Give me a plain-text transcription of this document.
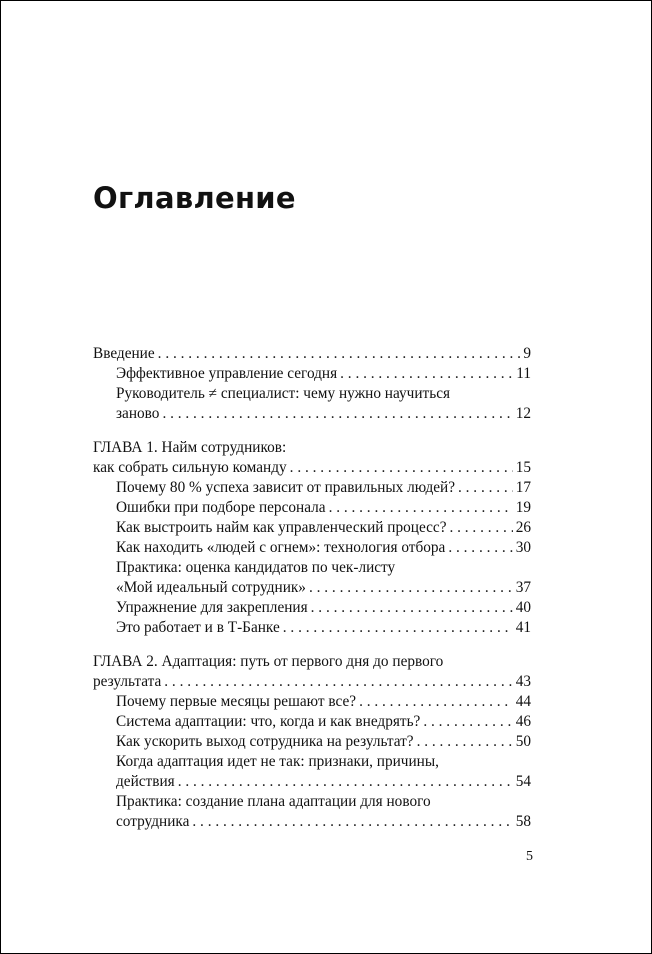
Оглавление
Введение . . .	9
Эффективное управление сегодня . . .	11
Руководитель ≠ специалист: чему нужно научиться
заново . . .	12
ГЛАВА 1. Найм сотрудников:
как собрать сильную команду . . .	15
Почему 80 % успеха зависит от правильных людей? . . .	17
Ошибки при подборе персонала . . .	19
Как выстроить найм как управленческий процесс? . . .	26
Как находить «людей с огнем»: технология отбора . . .	30
Практика: оценка кандидатов по чек-листу
«Мой идеальный сотрудник» . . .	37
Упражнение для закрепления . . .	40
Это работает и в Т-Банке . . .	41
ГЛАВА 2. Адаптация: путь от первого дня до первого
результата . . .	43
Почему первые месяцы решают все? . . .	44
Система адаптации: что, когда и как внедрять? . . .	46
Как ускорить выход сотрудника на результат? . . .	50
Когда адаптация идет не так: признаки, причины,
действия . . .	54
Практика: создание плана адаптации для нового
сотрудника . . .	58
5
